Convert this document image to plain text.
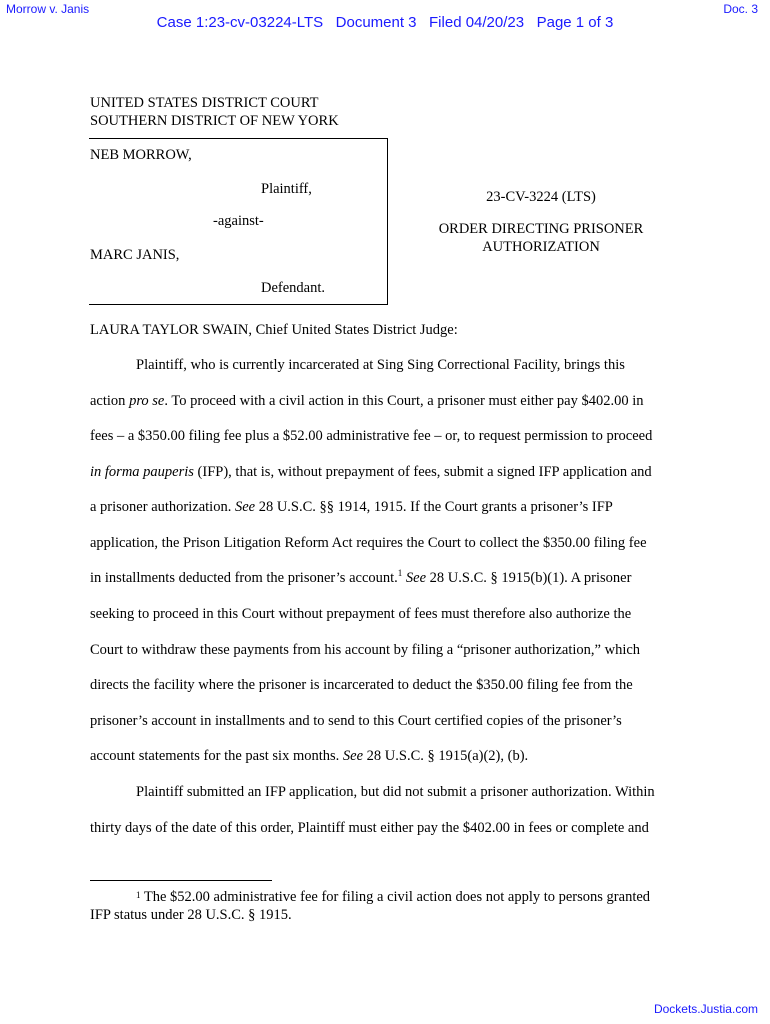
Morrow v. Janis	Doc. 3
Case 1:23-cv-03224-LTS   Document 3   Filed 04/20/23   Page 1 of 3
UNITED STATES DISTRICT COURT
SOUTHERN DISTRICT OF NEW YORK
NEB MORROW,
Plaintiff,
-against-
MARC JANIS,
Defendant.
23-CV-3224 (LTS)
ORDER DIRECTING PRISONER
AUTHORIZATION
LAURA TAYLOR SWAIN, Chief United States District Judge:
Plaintiff, who is currently incarcerated at Sing Sing Correctional Facility, brings this
action pro se. To proceed with a civil action in this Court, a prisoner must either pay $402.00 in
fees – a $350.00 filing fee plus a $52.00 administrative fee – or, to request permission to proceed
in forma pauperis (IFP), that is, without prepayment of fees, submit a signed IFP application and
a prisoner authorization. See 28 U.S.C. §§ 1914, 1915. If the Court grants a prisoner’s IFP
application, the Prison Litigation Reform Act requires the Court to collect the $350.00 filing fee
in installments deducted from the prisoner’s account.$^1$ See 28 U.S.C. § 1915(b)(1). A prisoner
seeking to proceed in this Court without prepayment of fees must therefore also authorize the
Court to withdraw these payments from his account by filing a “prisoner authorization,” which
directs the facility where the prisoner is incarcerated to deduct the $350.00 filing fee from the
prisoner’s account in installments and to send to this Court certified copies of the prisoner’s
account statements for the past six months. See 28 U.S.C. § 1915(a)(2), (b).
Plaintiff submitted an IFP application, but did not submit a prisoner authorization. Within
thirty days of the date of this order, Plaintiff must either pay the $402.00 in fees or complete and
$^1$ The $52.00 administrative fee for filing a civil action does not apply to persons granted
IFP status under 28 U.S.C. § 1915.
Dockets.Justia.com
